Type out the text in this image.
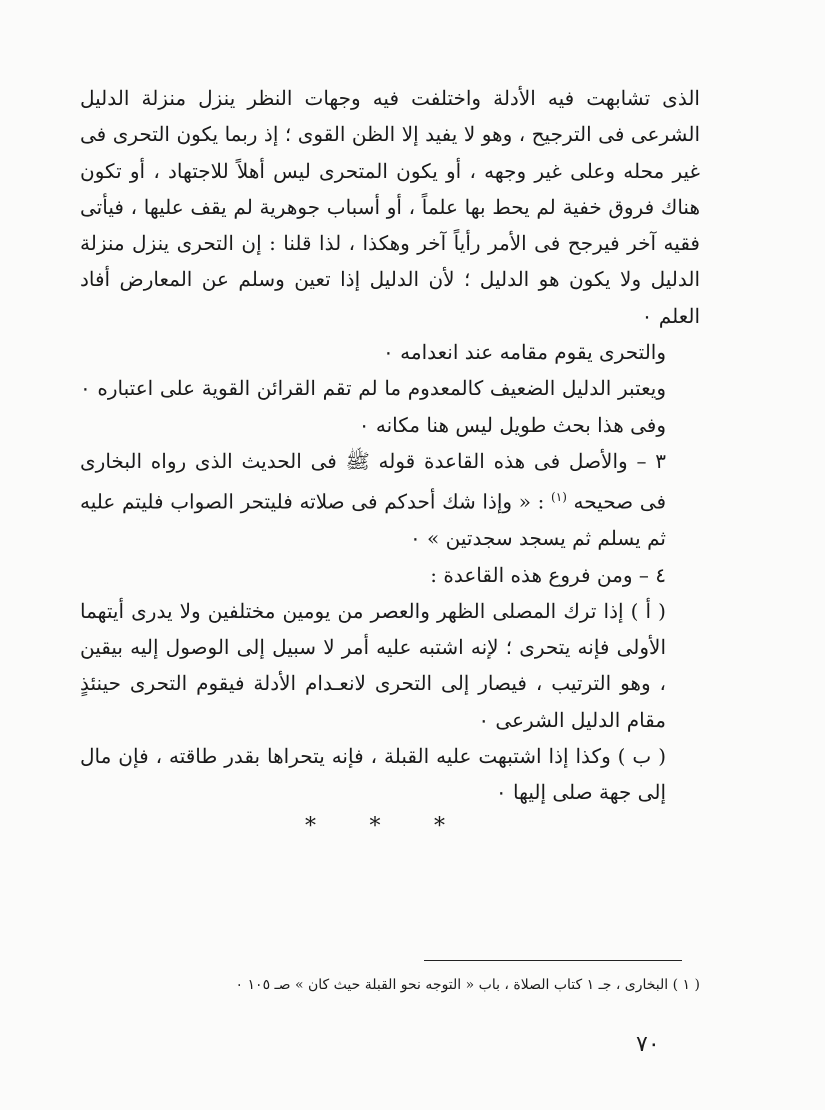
الذى تشابهت فيه الأدلة واختلفت فيه وجهات النظر ينزل منزلة الدليل الشرعى فى الترجيح ، وهو لا يفيد إلا الظن القوى ؛ إذ ربما يكون التحرى فى غير محله وعلى غير وجهه ، أو يكون المتحرى ليس أهلاً للاجتهاد ، أو تكون هناك فروق خفية لم يحط بها علماً ، أو أسباب جوهرية لم يقف عليها ، فيأتى فقيه آخر فيرجح فى الأمر رأياً آخر وهكذا ، لذا قلنا : إن التحرى ينزل منزلة الدليل ولا يكون هو الدليل ؛ لأن الدليل إذا تعين وسلم عن المعارض أفاد العلم ٠

والتحرى يقوم مقامه عند انعدامه ٠

ويعتبر الدليل الضعيف كالمعدوم ما لم تقم القرائن القوية على اعتباره ٠ وفى هذا بحث طويل ليس هنا مكانه ٠

٣ – والأصل فى هذه القاعدة قوله ﷺ فى الحديث الذى رواه البخارى فى صحيحه $^{(١)}$ : « وإذا شك أحدكم فى صلاته فليتحر الصواب فليتم عليه ثم يسلم ثم يسجد سجدتين » ٠

٤ – ومن فروع هذه القاعدة :

( أ ) إذا ترك المصلى الظهر والعصر من يومين مختلفين ولا يدرى أيتهما الأولى فإنه يتحرى ؛ لإنه اشتبه عليه أمر لا سبيل إلى الوصول إليه بيقين ، وهو الترتيب ، فيصار إلى التحرى لانعـدام الأدلة فيقوم التحرى حينئذٍ مقام الدليل الشرعى ٠

( ب ) وكذا إذا اشتبهت عليه القبلة ، فإنه يتحراها بقدر طاقته ، فإن مال إلى جهة صلى إليها ٠

* * *
( ١ ) البخارى ، جـ ١ كتاب الصلاة ، باب « التوجه نحو القبلة حيث كان » صـ ١٠٥ ٠
٧٠
